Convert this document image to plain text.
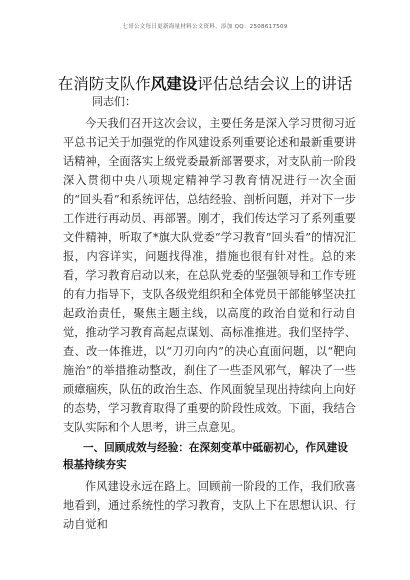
七哥公文每日更新海量材料公文资料，添加 QQ：2508617509
在消防支队作风建设评估总结会议上的讲话
同志们：

今天我们召开这次会议，主要任务是深入学习贯彻习近平总书记关于加强党的作风建设系列重要论述和最新重要讲话精神，全面落实上级党委最新部署要求，对支队前一阶段深入贯彻中央八项规定精神学习教育情况进行一次全面的“回头看”和系统评估，总结经验、剖析问题，并对下一步工作进行再动员、再部署。刚才，我们传达学习了系列重要文件精神，听取了*旗大队党委“学习教育”回头看”的情况汇报，内容详实，问题找得准，措施也很有针对性。总的来看，学习教育启动以来，在总队党委的坚强领导和工作专班的有力指导下，支队各级党组织和全体党员干部能够坚决扛起政治责任，聚焦主题主线，以高度的政治自觉和行动自觉，推动学习教育高起点谋划、高标准推进。我们坚持学、查、改一体推进，以“刀刃向内”的决心直面问题，以“靶向施治”的举措推动整改，刹住了一些歪风邪气，解决了一些顽瘴痼疾，队伍的政治生态、作风面貌呈现出持续向上向好的态势，学习教育取得了重要的阶段性成效。下面，我结合支队实际和个人思考，讲三点意见。

一、回顾成效与经验：在深刻变革中砥砺初心，作风建设根基持续夯实

作风建设永远在路上。回顾前一阶段的工作，我们欣喜地看到，通过系统性的学习教育，支队上下在思想认识、行动自觉和
